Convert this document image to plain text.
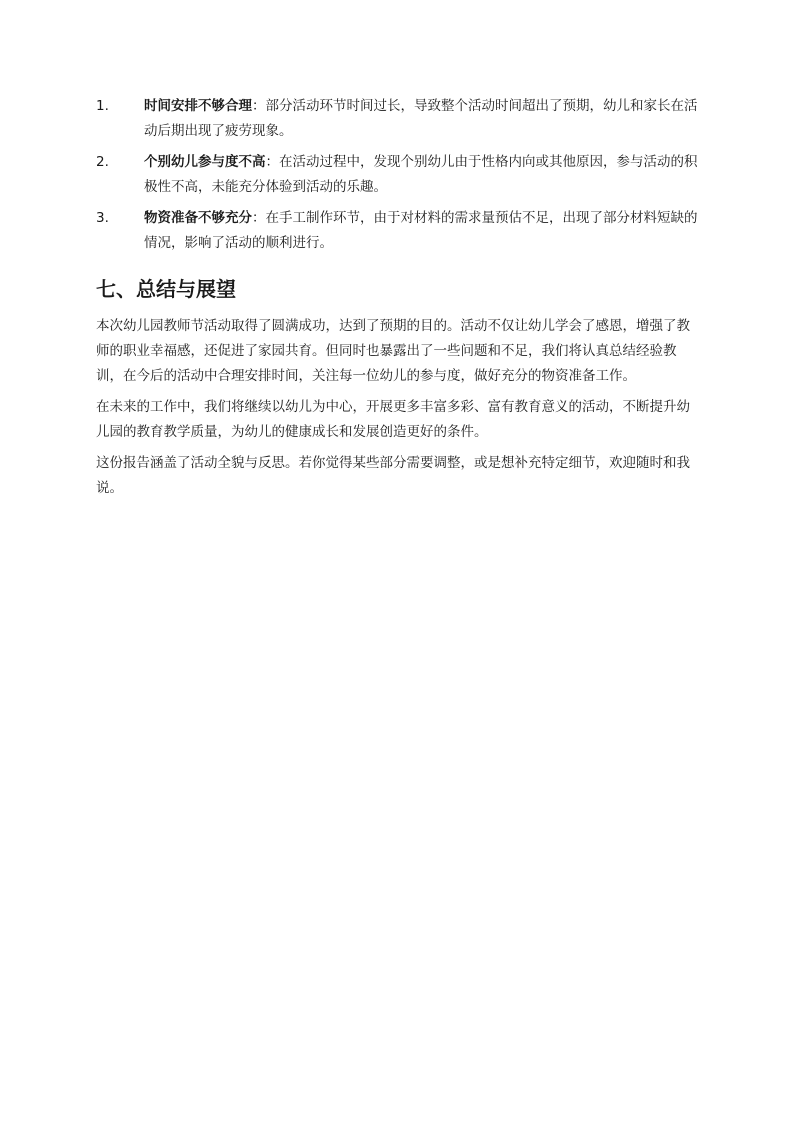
1.	时间安排不够合理：部分活动环节时间过长，导致整个活动时间超出了预期，幼儿和家长在活动后期出现了疲劳现象。
2.	个别幼儿参与度不高：在活动过程中，发现个别幼儿由于性格内向或其他原因，参与活动的积极性不高，未能充分体验到活动的乐趣。
3.	物资准备不够充分：在手工制作环节，由于对材料的需求量预估不足，出现了部分材料短缺的情况，影响了活动的顺利进行。
七、总结与展望

本次幼儿园教师节活动取得了圆满成功，达到了预期的目的。活动不仅让幼儿学会了感恩，增强了教师的职业幸福感，还促进了家园共育。但同时也暴露出了一些问题和不足，我们将认真总结经验教训，在今后的活动中合理安排时间，关注每一位幼儿的参与度，做好充分的物资准备工作。

在未来的工作中，我们将继续以幼儿为中心，开展更多丰富多彩、富有教育意义的活动，不断提升幼儿园的教育教学质量，为幼儿的健康成长和发展创造更好的条件。

这份报告涵盖了活动全貌与反思。若你觉得某些部分需要调整，或是想补充特定细节，欢迎随时和我说。
